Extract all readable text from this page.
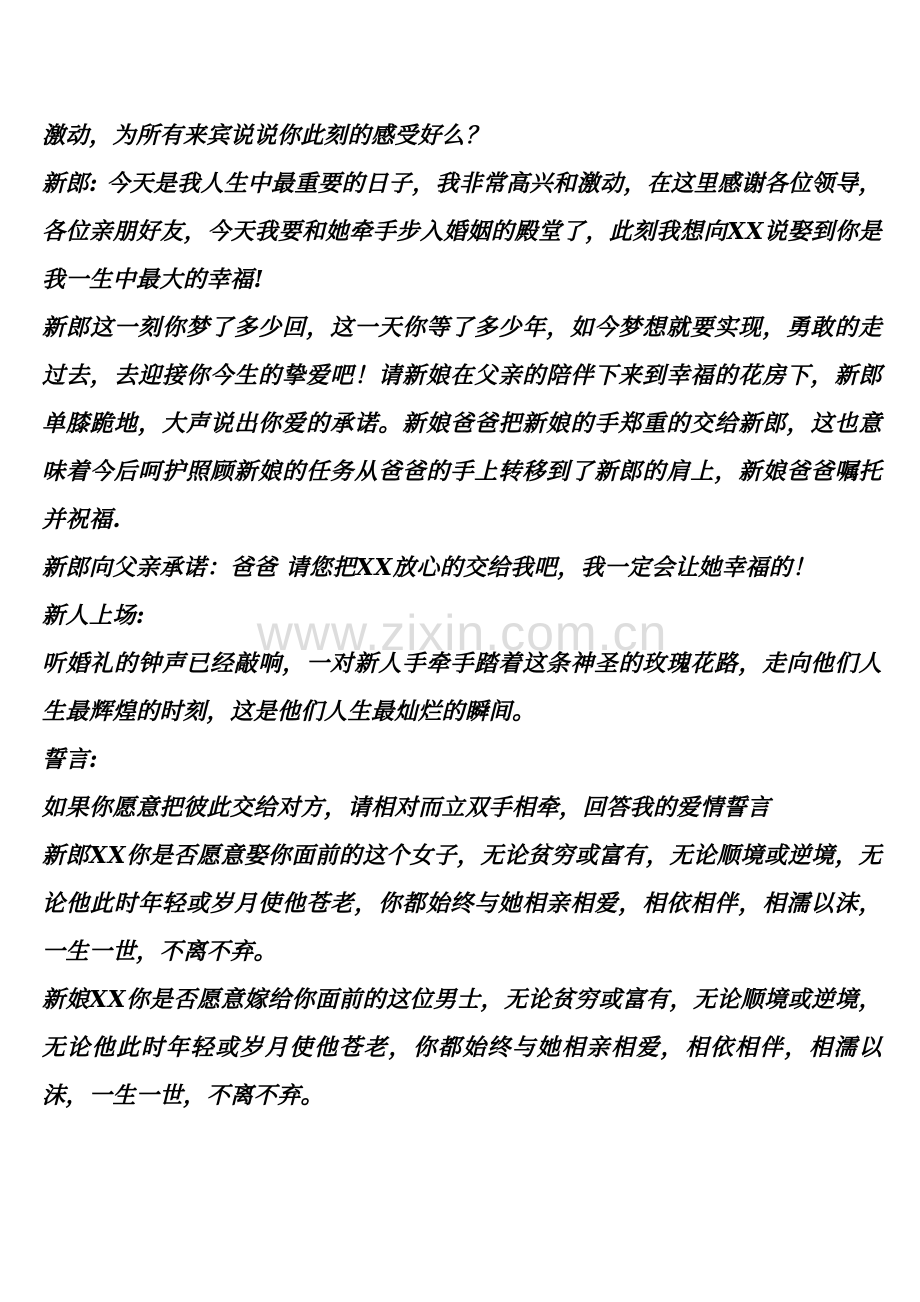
激动，为所有来宾说说你此刻的感受好么？

新郎: 今天是我人生中最重要的日子，我非常高兴和激动，在这里感谢各位领导，各位亲朋好友，今天我要和她牵手步入婚姻的殿堂了，此刻我想向XX说娶到你是我一生中最大的幸福!

新郎这一刻你梦了多少回，这一天你等了多少年，如今梦想就要实现，勇敢的走过去，去迎接你今生的挚爱吧！请新娘在父亲的陪伴下来到幸福的花房下，新郎单膝跪地，大声说出你爱的承诺。新娘爸爸把新娘的手郑重的交给新郎，这也意味着今后呵护照顾新娘的任务从爸爸的手上转移到了新郎的肩上，新娘爸爸嘱托并祝福.

新郎向父亲承诺：爸爸 请您把XX放心的交给我吧，我一定会让她幸福的！

新人上场:

听婚礼的钟声已经敲响，一对新人手牵手踏着这条神圣的玫瑰花路，走向他们人生最辉煌的时刻，这是他们人生最灿烂的瞬间。

誓言:

如果你愿意把彼此交给对方，请相对而立双手相牵，回答我的爱情誓言

新郎XX你是否愿意娶你面前的这个女子，无论贫穷或富有，无论顺境或逆境，无论他此时年轻或岁月使他苍老，你都始终与她相亲相爱，相依相伴，相濡以沫，一生一世，不离不弃。

新娘XX你是否愿意嫁给你面前的这位男士，无论贫穷或富有，无论顺境或逆境，无论他此时年轻或岁月使他苍老，你都始终与她相亲相爱，相依相伴，相濡以沫，一生一世，不离不弃。

www.zixin.com.cn
